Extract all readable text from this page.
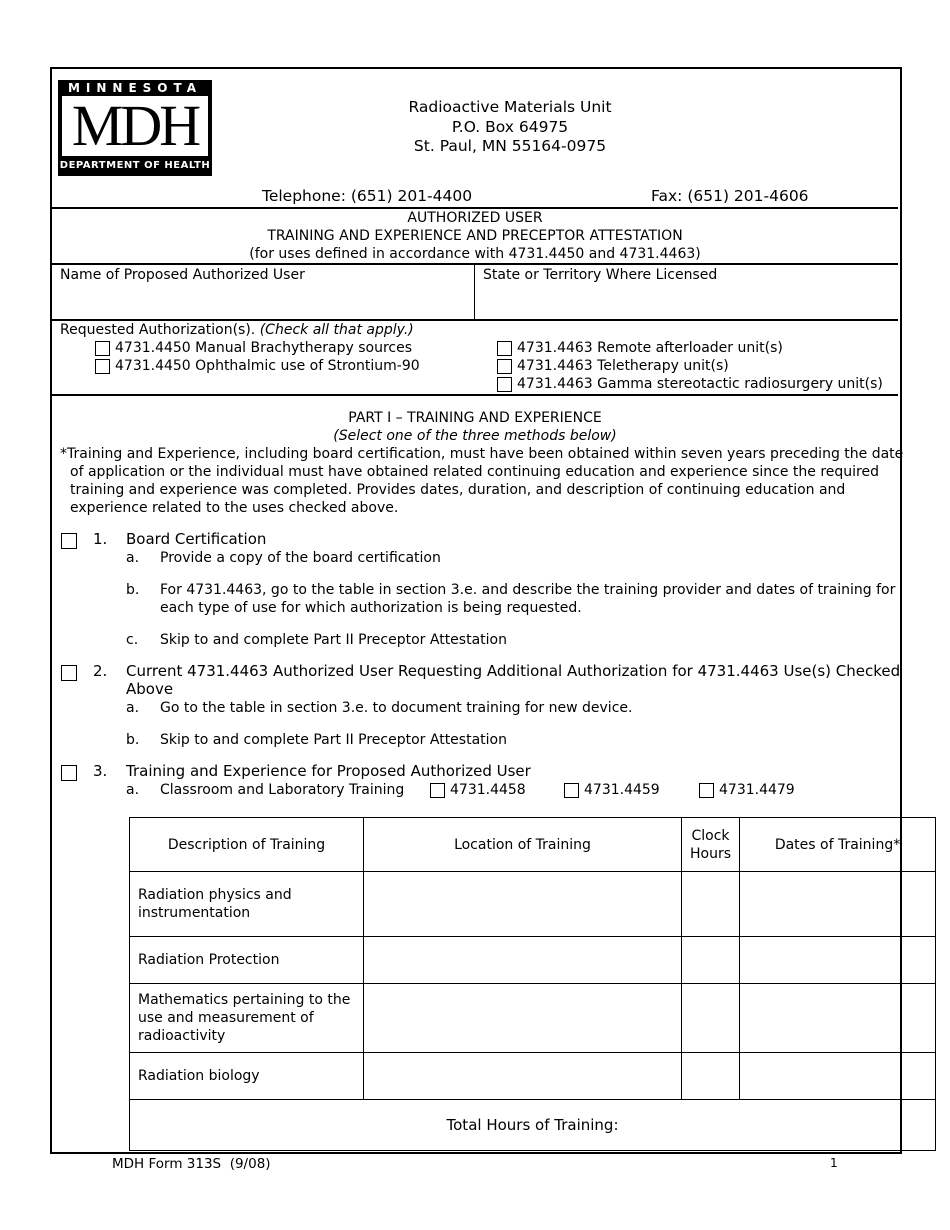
MINNESOTA
MDH
DEPARTMENT OF HEALTH
Radioactive Materials Unit
P.O. Box 64975
St. Paul, MN 55164-0975
Telephone: (651) 201-4400	Fax: (651) 201-4606
AUTHORIZED USER
TRAINING AND EXPERIENCE AND PRECEPTOR ATTESTATION
(for uses defined in accordance with 4731.4450 and 4731.4463)
Name of Proposed Authorized User	State or Territory Where Licensed
Requested Authorization(s). (Check all that apply.)
4731.4450 Manual Brachytherapy sources
4731.4450 Ophthalmic use of Strontium-90
4731.4463 Remote afterloader unit(s)
4731.4463 Teletherapy unit(s)
4731.4463 Gamma stereotactic radiosurgery unit(s)
PART I – TRAINING AND EXPERIENCE
(Select one of the three methods below)
*Training and Experience, including board certification, must have been obtained within seven years preceding the date
of application or the individual must have obtained related continuing education and experience since the required
training and experience was completed. Provides dates, duration, and description of continuing education and
experience related to the uses checked above.
1. Board Certification
a. Provide a copy of the board certification
b. For 4731.4463, go to the table in section 3.e. and describe the training provider and dates of training for
each type of use for which authorization is being requested.
c. Skip to and complete Part II Preceptor Attestation
2. Current 4731.4463 Authorized User Requesting Additional Authorization for 4731.4463 Use(s) Checked
Above
a. Go to the table in section 3.e. to document training for new device.
b. Skip to and complete Part II Preceptor Attestation
3. Training and Experience for Proposed Authorized User
a. Classroom and Laboratory Training	4731.4458	4731.4459	4731.4479
Description of Training	Location of Training	Clock Hours	Dates of Training*
Radiation physics and instrumentation			
Radiation Protection			
Mathematics pertaining to the use and measurement of radioactivity			
Radiation biology			
Total Hours of Training:			
MDH Form 313S  (9/08)	1
